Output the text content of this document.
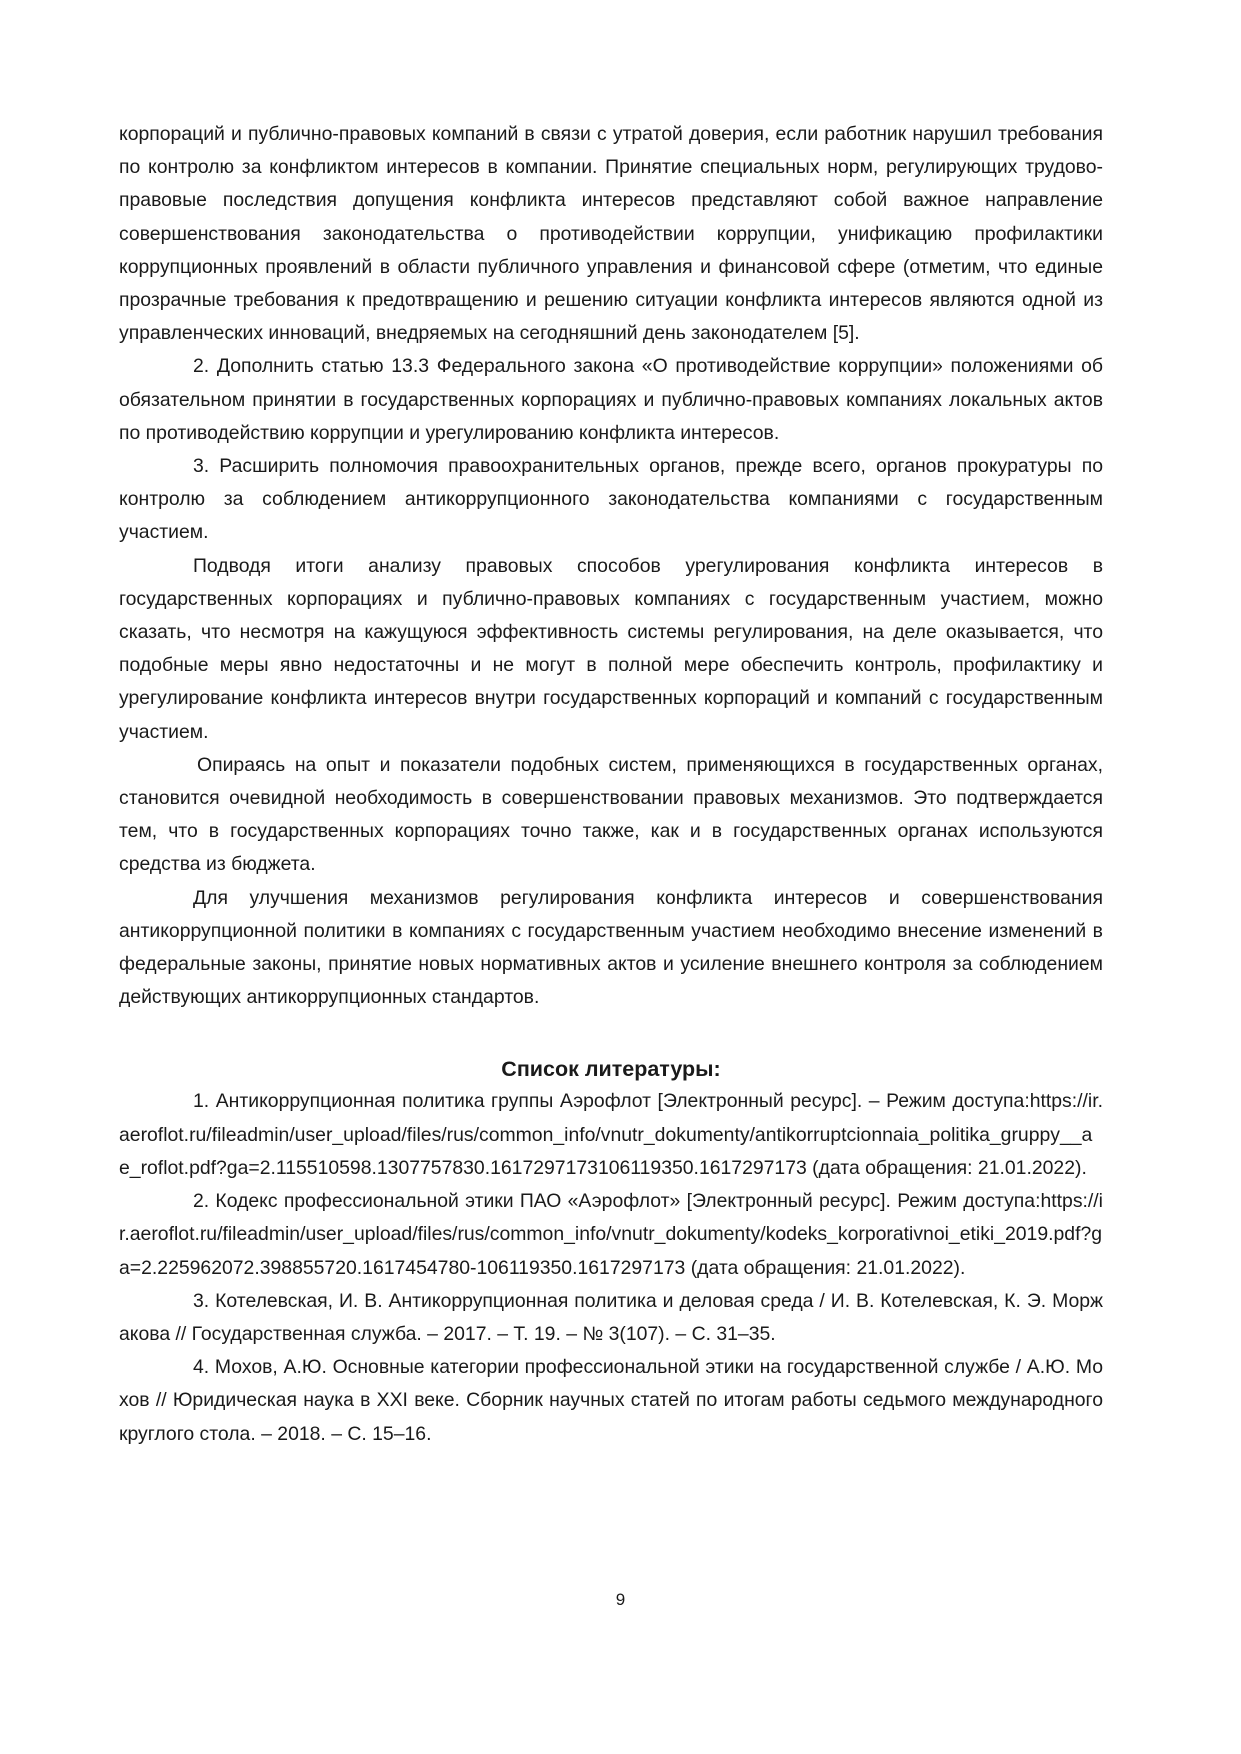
корпораций и публично-правовых компаний в связи с утратой доверия, если работник нарушил требования по контролю за конфликтом интересов в компании. Принятие специальных норм, регулирующих трудово-правовые последствия допущения конфликта интересов представляют собой важное направление совершенствования законодательства о противодействии коррупции, унификацию профилактики коррупционных проявлений в области публичного управления и финансовой сфере (отметим, что единые прозрачные требования к предотвращению и решению ситуации конфликта интересов являются одной из управленческих инноваций, внедряемых на сегодняшний день законодателем [5].

2. Дополнить статью 13.3 Федерального закона «О противодействие коррупции» положениями об обязательном принятии в государственных корпорациях и публично-правовых компаниях локальных актов по противодействию коррупции и урегулированию конфликта интересов.

3. Расширить полномочия правоохранительных органов, прежде всего, органов прокуратуры по контролю за соблюдением антикоррупционного законодательства компаниями с государственным участием.

Подводя итоги анализу правовых способов урегулирования конфликта интересов в государственных корпорациях и публично-правовых компаниях с государственным участием, можно сказать, что несмотря на кажущуюся эффективность системы регулирования, на деле оказывается, что подобные меры явно недостаточны и не могут в полной мере обеспечить контроль, профилактику и урегулирование конфликта интересов внутри государственных корпораций и компаний с государственным участием.

Опираясь на опыт и показатели подобных систем, применяющихся в государственных органах, становится очевидной необходимость в совершенствовании правовых механизмов. Это подтверждается тем, что в государственных корпорациях точно также, как и в государственных органах используются средства из бюджета.

Для улучшения механизмов регулирования конфликта интересов и совершенствования антикоррупционной политики в компаниях с государственным участием необходимо внесение изменений в федеральные законы, принятие новых нормативных актов и усиление внешнего контроля за соблюдением действующих антикоррупционных стандартов.

Список литературы:

1. Антикоррупционная политика группы Аэрофлот [Электронный ресурс]. – Режим доступа:https://ir.aeroflot.ru/fileadmin/user_upload/files/rus/common_info/vnutr_dokumenty/antikorruptcionnaia_politika_gruppy__ae_roflot.pdf?ga=2.115510598.1307757830.1617297173106119350.1617297173 (дата обращения: 21.01.2022).

2. Кодекс профессиональной этики ПАО «Аэрофлот» [Электронный ресурс]. Режим доступа:https://ir.aeroflot.ru/fileadmin/user_upload/files/rus/common_info/vnutr_dokumenty/kodeks_korporativnoi_etiki_2019.pdf?ga=2.225962072.398855720.1617454780-106119350.1617297173 (дата обращения: 21.01.2022).

3. Котелевская, И. В. Антикоррупционная политика и деловая среда / И. В. Котелевская, К. Э. Моржакова // Государственная служба. – 2017. – Т. 19. – № 3(107). – С. 31–35.

4. Мохов, А.Ю. Основные категории профессиональной этики на государственной службе / А.Ю. Мохов // Юридическая наука в XXI веке. Сборник научных статей по итогам работы седьмого международного круглого стола. – 2018. – С. 15–16.

9
